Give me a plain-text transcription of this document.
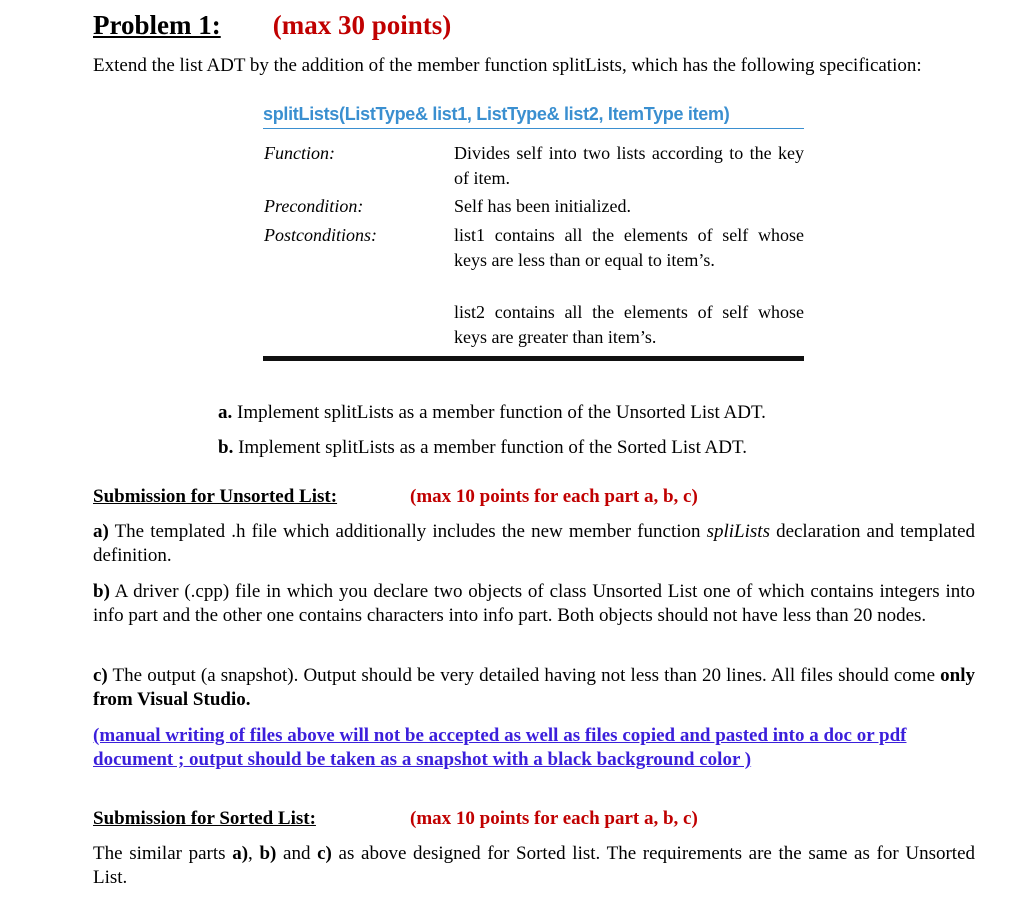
Problem 1: (max 30 points)
Extend the list ADT by the addition of the member function splitLists, which has the following specification:
splitLists(ListType& list1, ListType& list2, ItemType item)
Function:	Divides self into two lists according to the key of item.
Precondition:	Self has been initialized.
Postconditions:	list1 contains all the elements of self whose keys are less than or equal to item’s.
list2 contains all the elements of self whose keys are greater than item’s.
a. Implement splitLists as a member function of the Unsorted List ADT.
b. Implement splitLists as a member function of the Sorted List ADT.
Submission for Unsorted List:	(max 10 points for each part a, b, c)
a) The templated .h file which additionally includes the new member function spliLists declaration and templated definition.
b) A driver (.cpp) file in which you declare two objects of class Unsorted List one of which contains integers into info part and the other one contains characters into info part. Both objects should not have less than 20 nodes.
c) The output (a snapshot). Output should be very detailed having not less than 20 lines. All files should come only from Visual Studio.
(manual writing of files above will not be accepted as well as files copied and pasted into a doc or pdf document ; output should be taken as a snapshot with a black background color )
Submission for Sorted List:	(max 10 points for each part a, b, c)
The similar parts a), b) and c) as above designed for Sorted list. The requirements are the same as for Unsorted List.
